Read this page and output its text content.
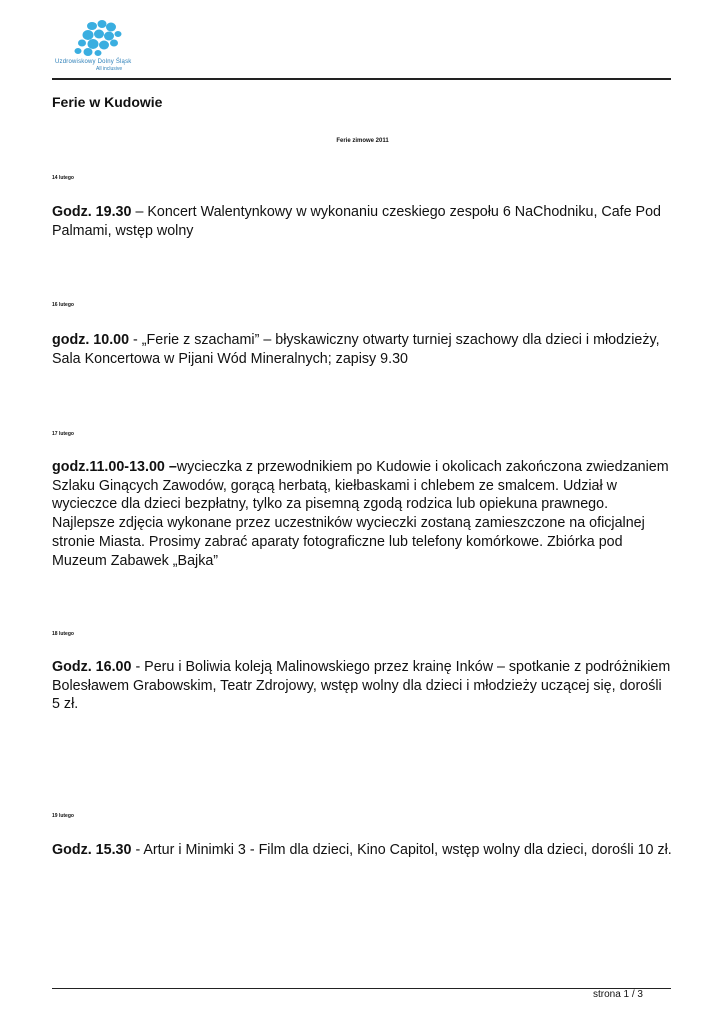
Uzdrowiskowy Dolny Śląsk
All inclusive
Ferie w Kudowie
Ferie zimowe 2011
14 lutego

Godz. 19.30 – Koncert Walentynkowy w wykonaniu czeskiego zespołu 6 NaChodniku, Cafe Pod Palmami, wstęp wolny

16 lutego

godz. 10.00 - „Ferie z szachami” – błyskawiczny otwarty turniej szachowy dla dzieci i młodzieży, Sala Koncertowa w Pijani Wód Mineralnych; zapisy 9.30

17 lutego

godz.11.00-13.00 –wycieczka z przewodnikiem po Kudowie i okolicach zakończona zwiedzaniem Szlaku Ginących Zawodów, gorącą herbatą, kiełbaskami i chlebem ze smalcem. Udział w wycieczce dla dzieci bezpłatny, tylko za pisemną zgodą rodzica lub opiekuna prawnego. Najlepsze zdjęcia wykonane przez uczestników wycieczki zostaną zamieszczone na oficjalnej stronie Miasta. Prosimy zabrać aparaty fotograficzne lub telefony komórkowe. Zbiórka pod Muzeum Zabawek „Bajka”

18 lutego

Godz. 16.00 - Peru i Boliwia koleją Malinowskiego przez krainę Inków – spotkanie z podróżnikiem Bolesławem Grabowskim, Teatr Zdrojowy, wstęp wolny dla dzieci i młodzieży uczącej się, dorośli 5 zł.

19 lutego

Godz. 15.30 - Artur i Minimki 3 - Film dla dzieci, Kino Capitol, wstęp wolny dla dzieci, dorośli 10 zł.

strona 1 / 3
